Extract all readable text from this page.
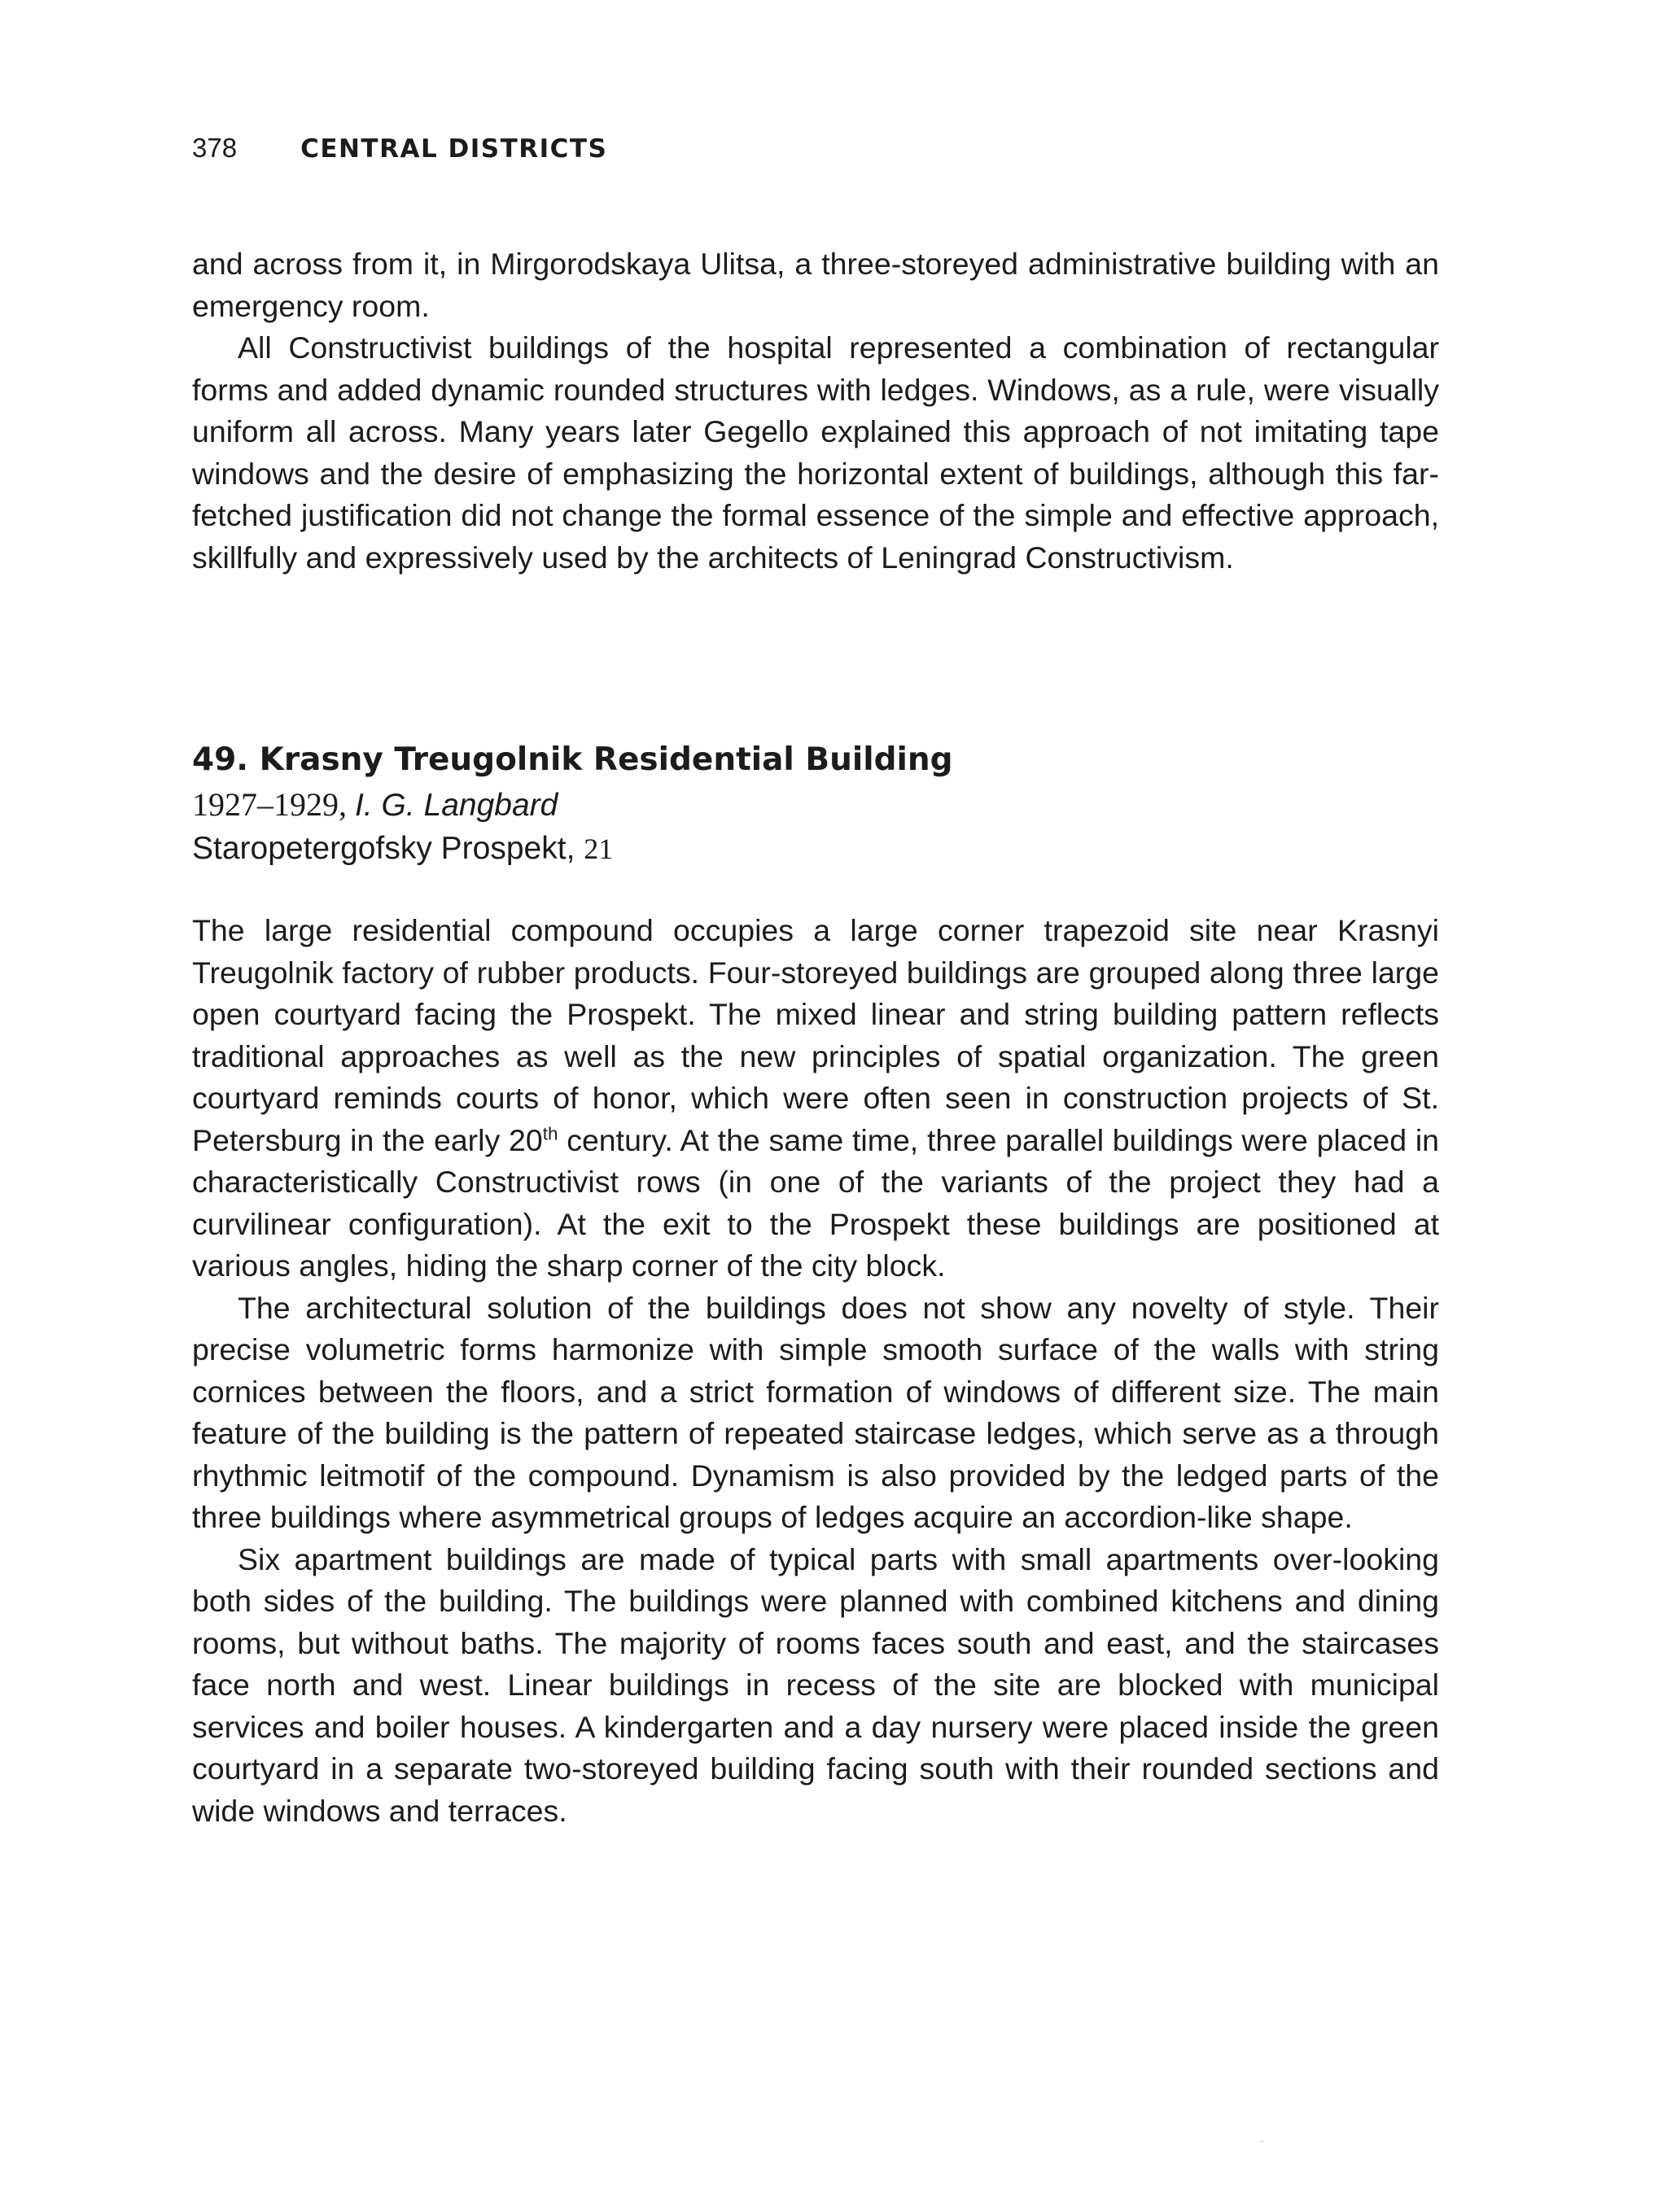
378	CENTRAL DISTRICTS

and across from it, in Mirgorodskaya Ulitsa, a three-storeyed administrative building with an emergency room.

All Constructivist buildings of the hospital represented a combination of rectangular forms and added dynamic rounded structures with ledges. Windows, as a rule, were visually uniform all across. Many years later Gegello explained this approach of not imitating tape windows and the desire of emphasizing the horizontal extent of buildings, although this far-fetched justification did not change the formal essence of the simple and effective approach, skillfully and expressively used by the architects of Leningrad Constructivism.

49. Krasny Treugolnik Residential Building
1927–1929, I. G. Langbard
Staropetergofsky Prospekt, 21

The large residential compound occupies a large corner trapezoid site near Krasnyi Treugolnik factory of rubber products. Four-storeyed buildings are grouped along three large open courtyard facing the Prospekt. The mixed linear and string building pattern reflects traditional approaches as well as the new principles of spatial organization. The green courtyard reminds courts of honor, which were often seen in construction projects of St. Petersburg in the early 20th century. At the same time, three parallel buildings were placed in characteristically Constructivist rows (in one of the variants of the project they had a curvilinear configuration). At the exit to the Prospekt these buildings are positioned at various angles, hiding the sharp corner of the city block.

The architectural solution of the buildings does not show any novelty of style. Their precise volumetric forms harmonize with simple smooth surface of the walls with string cornices between the floors, and a strict formation of windows of different size. The main feature of the building is the pattern of repeated staircase ledges, which serve as a through rhythmic leitmotif of the compound. Dynamism is also provided by the ledged parts of the three buildings where asymmetrical groups of ledges acquire an accordion-like shape.

Six apartment buildings are made of typical parts with small apartments over-looking both sides of the building. The buildings were planned with combined kitchens and dining rooms, but without baths. The majority of rooms faces south and east, and the staircases face north and west. Linear buildings in recess of the site are blocked with municipal services and boiler houses. A kindergarten and a day nursery were placed inside the green courtyard in a separate two-storeyed building facing south with their rounded sections and wide windows and terraces.
